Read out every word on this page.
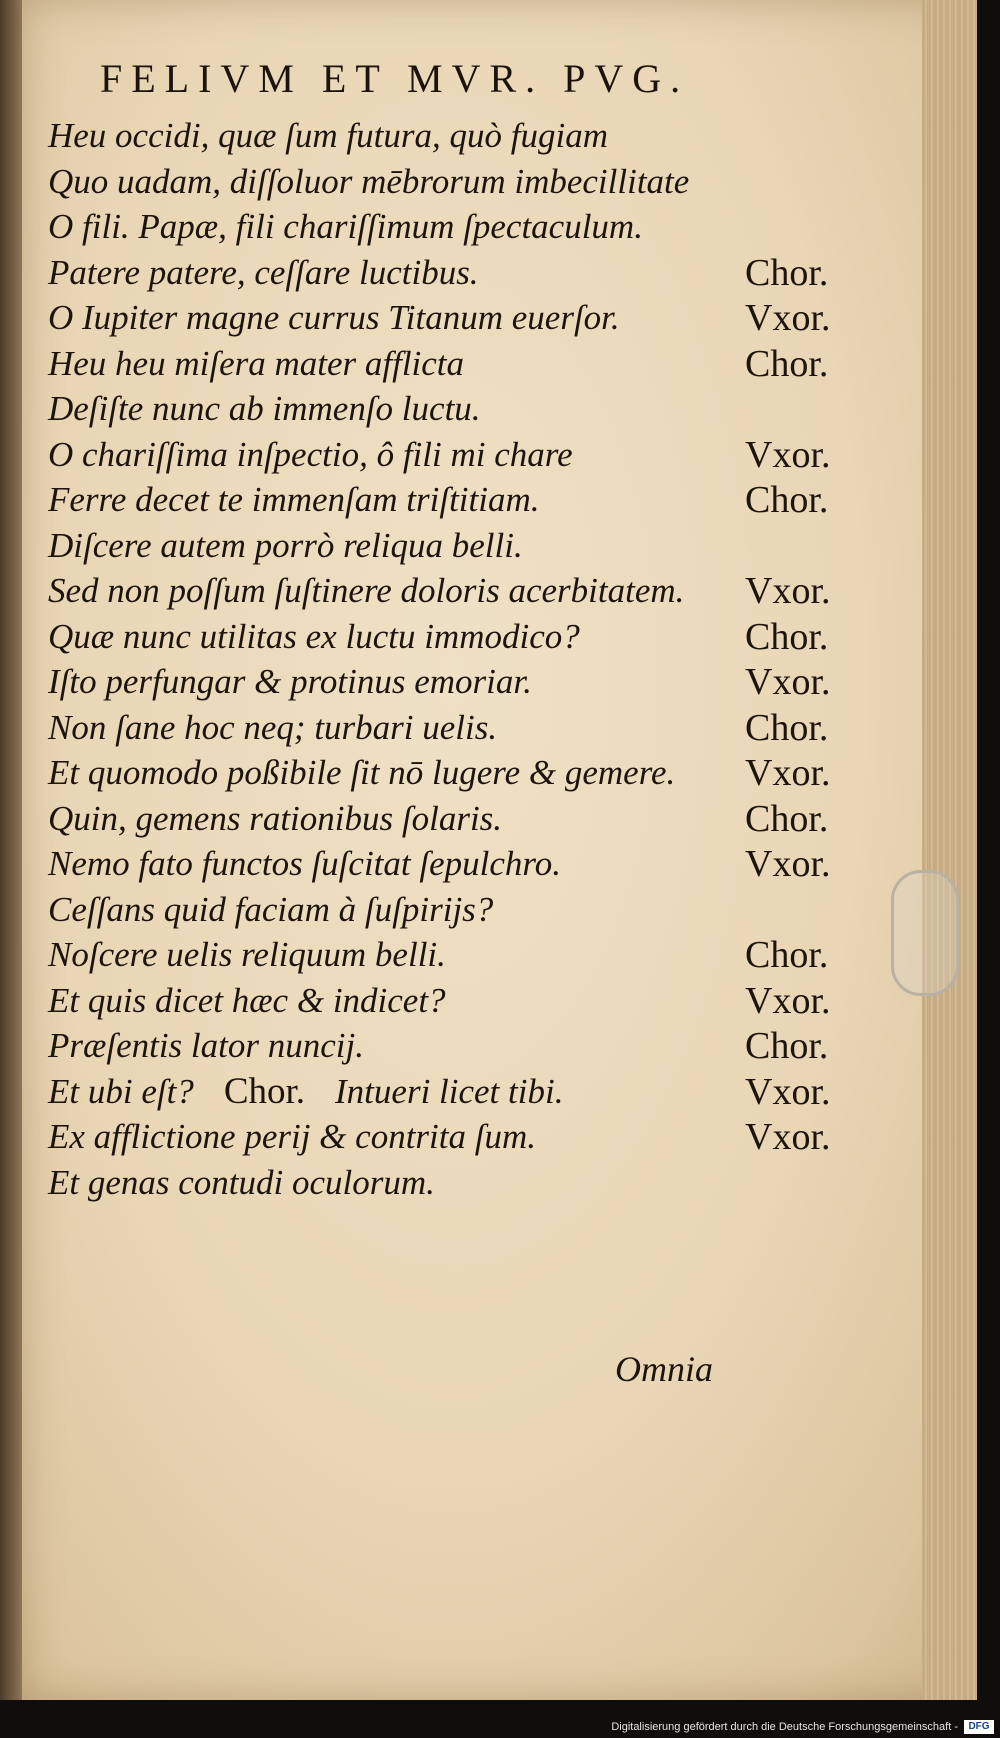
FELIVM ET MVR. PVG.
Heu occidi, quæ ſum futura, quò fugiam
Quo uadam, diſſoluor mēbrorum imbecillitate
O fili. Papæ, fili chariſſimum ſpectaculum.
Patere patere, ceſſare luctibus.	Chor.
O Iupiter magne currus Titanum euerſor.	Vxor.
Heu heu miſera mater afflicta	Chor.
Deſiſte nunc ab immenſo luctu.
O chariſſima inſpectio, ô fili mi chare	Vxor.
Ferre decet te immenſam triſtitiam.	Chor.
Diſcere autem porrò reliqua belli.
Sed non poſſum ſuſtinere doloris acerbitatem. Vxor.
Quæ nunc utilitas ex luctu immodico?	Chor.
Iſto perfungar & protinus emoriar.	Vxor.
Non ſane hoc neq; turbari uelis.	Chor.
Et quomodo poßibile ſit nō lugere & gemere. Vxor.
Quin, gemens rationibus ſolaris.	Chor.
Nemo fato functos ſuſcitat ſepulchro.	Vxor.
Ceſſans quid faciam à ſuſpirijs?
Noſcere uelis reliquum belli.	Chor.
Et quis dicet hæc & indicet?	Vxor.
Præſentis lator nuncij.	Chor.
Et ubi eſt? Chor. Intueri licet tibi.	Vxor.
Ex afflictione perij & contrita ſum.	Vxor.
Et genas contudi oculorum.
Omnia
Digitalisierung gefördert durch die Deutsche Forschungsgemeinschaft -	DFG
